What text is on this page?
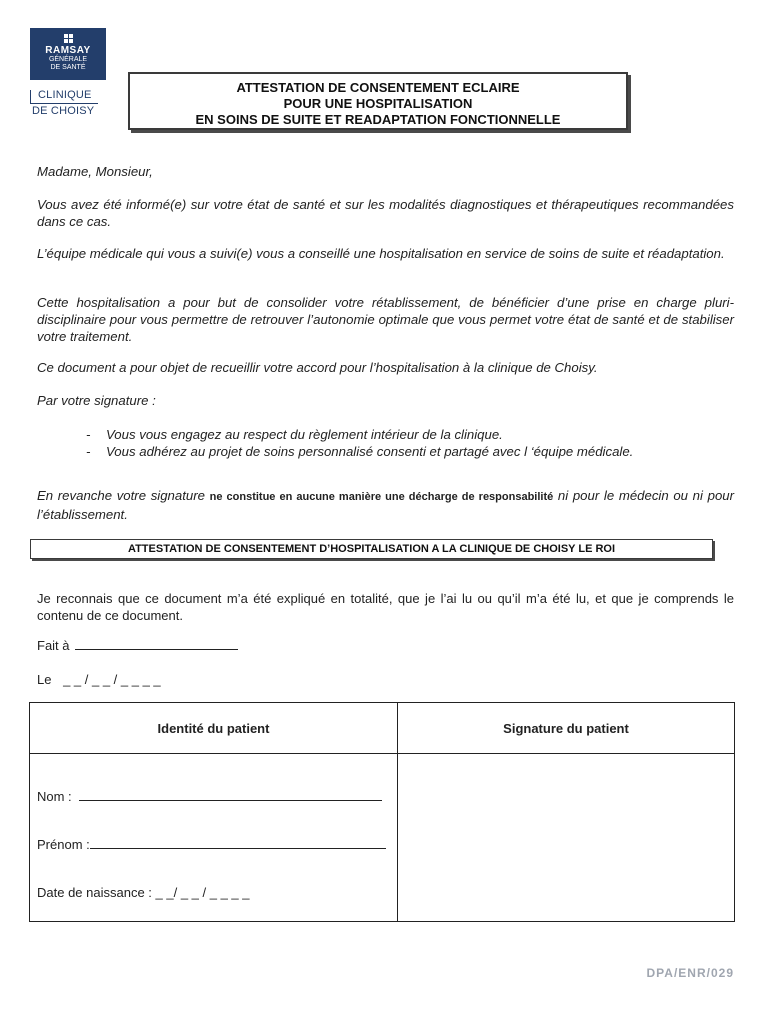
RAMSAY
GÉNÉRALE
DE SANTÉ
CLINIQUE
DE CHOISY
ATTESTATION DE CONSENTEMENT ECLAIRE
POUR UNE HOSPITALISATION
EN SOINS DE SUITE ET READAPTATION FONCTIONNELLE
Madame, Monsieur,
Vous avez été informé(e) sur votre état de santé et sur les modalités diagnostiques et thérapeutiques recommandées dans ce cas.
L’équipe médicale qui vous a suivi(e) vous a conseillé une hospitalisation en service de soins de suite et réadaptation.
Cette hospitalisation a pour but de consolider votre rétablissement, de bénéficier d’une prise en charge pluri-disciplinaire pour vous permettre de retrouver l’autonomie optimale que vous permet votre état de santé et de stabiliser votre traitement.
Ce document a pour objet de recueillir votre accord pour l’hospitalisation à la clinique de Choisy.
Par votre signature :
- Vous vous engagez au respect du règlement intérieur de la clinique.
- Vous adhérez au projet de soins personnalisé consenti et partagé avec l ‘équipe médicale.
En revanche votre signature ne constitue en aucune manière une décharge de responsabilité ni pour le médecin ou ni pour l’établissement.
ATTESTATION DE CONSENTEMENT D’HOSPITALISATION A LA CLINIQUE DE CHOISY LE ROI
Je reconnais que ce document m’a été expliqué en totalité, que je l’ai lu ou qu’il m’a été lu, et que je comprends le contenu de ce document.
Fait à
Le _ _ / _ _ / _ _ _ _
Identité du patient	Signature du patient
Nom :
Prénom :
Date de naissance : _ _/ _ _ / _ _ _ _
DPA/ENR/029
